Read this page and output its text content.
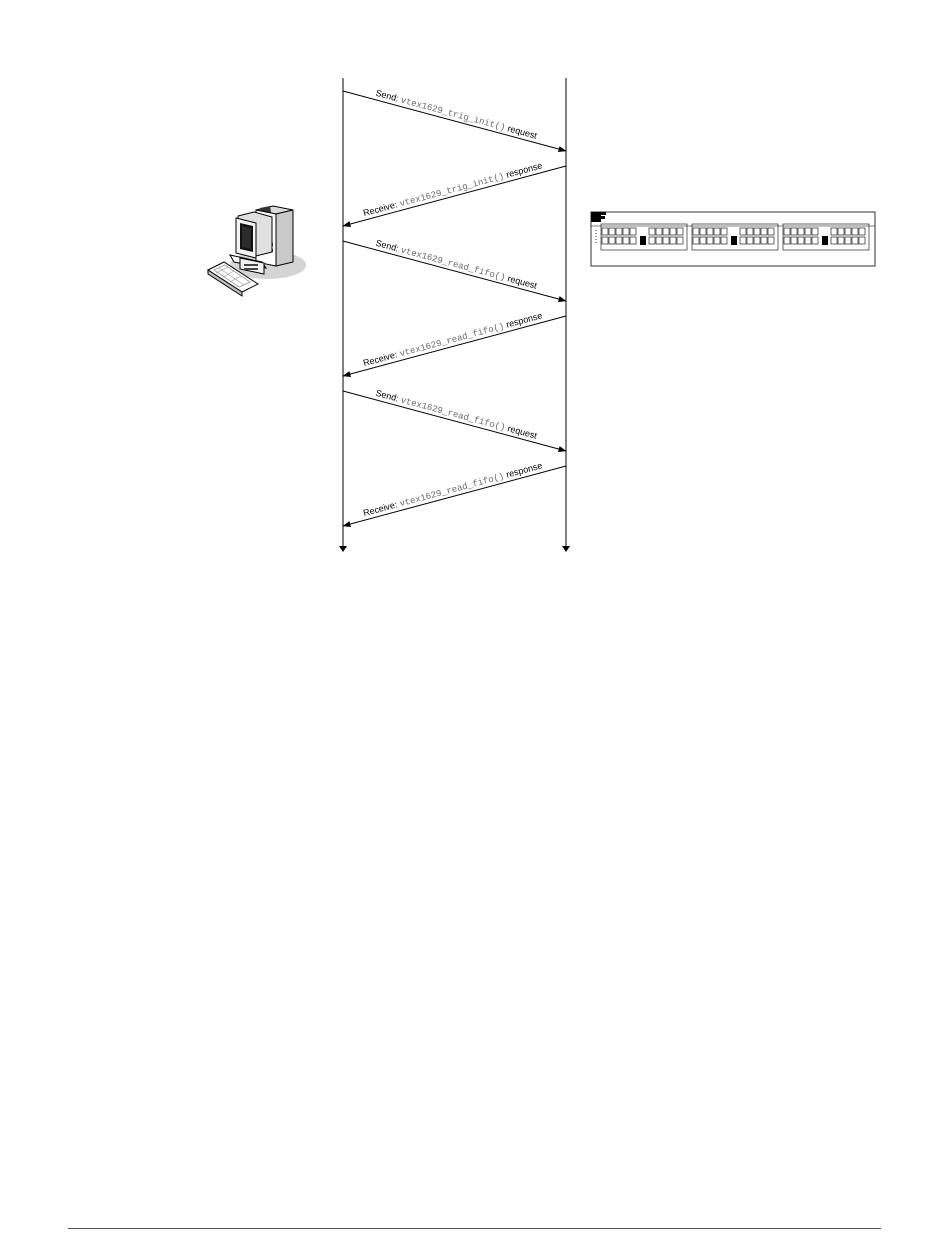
Send: vtex1629_trig_init() request
Receive: vtex1629_trig_init() response
Send: vtex1629_read_fifo() request
Receive: vtex1629_read_fifo() response
Send: vtex1629_read_fifo() request
Receive: vtex1629_read_fifo() response
